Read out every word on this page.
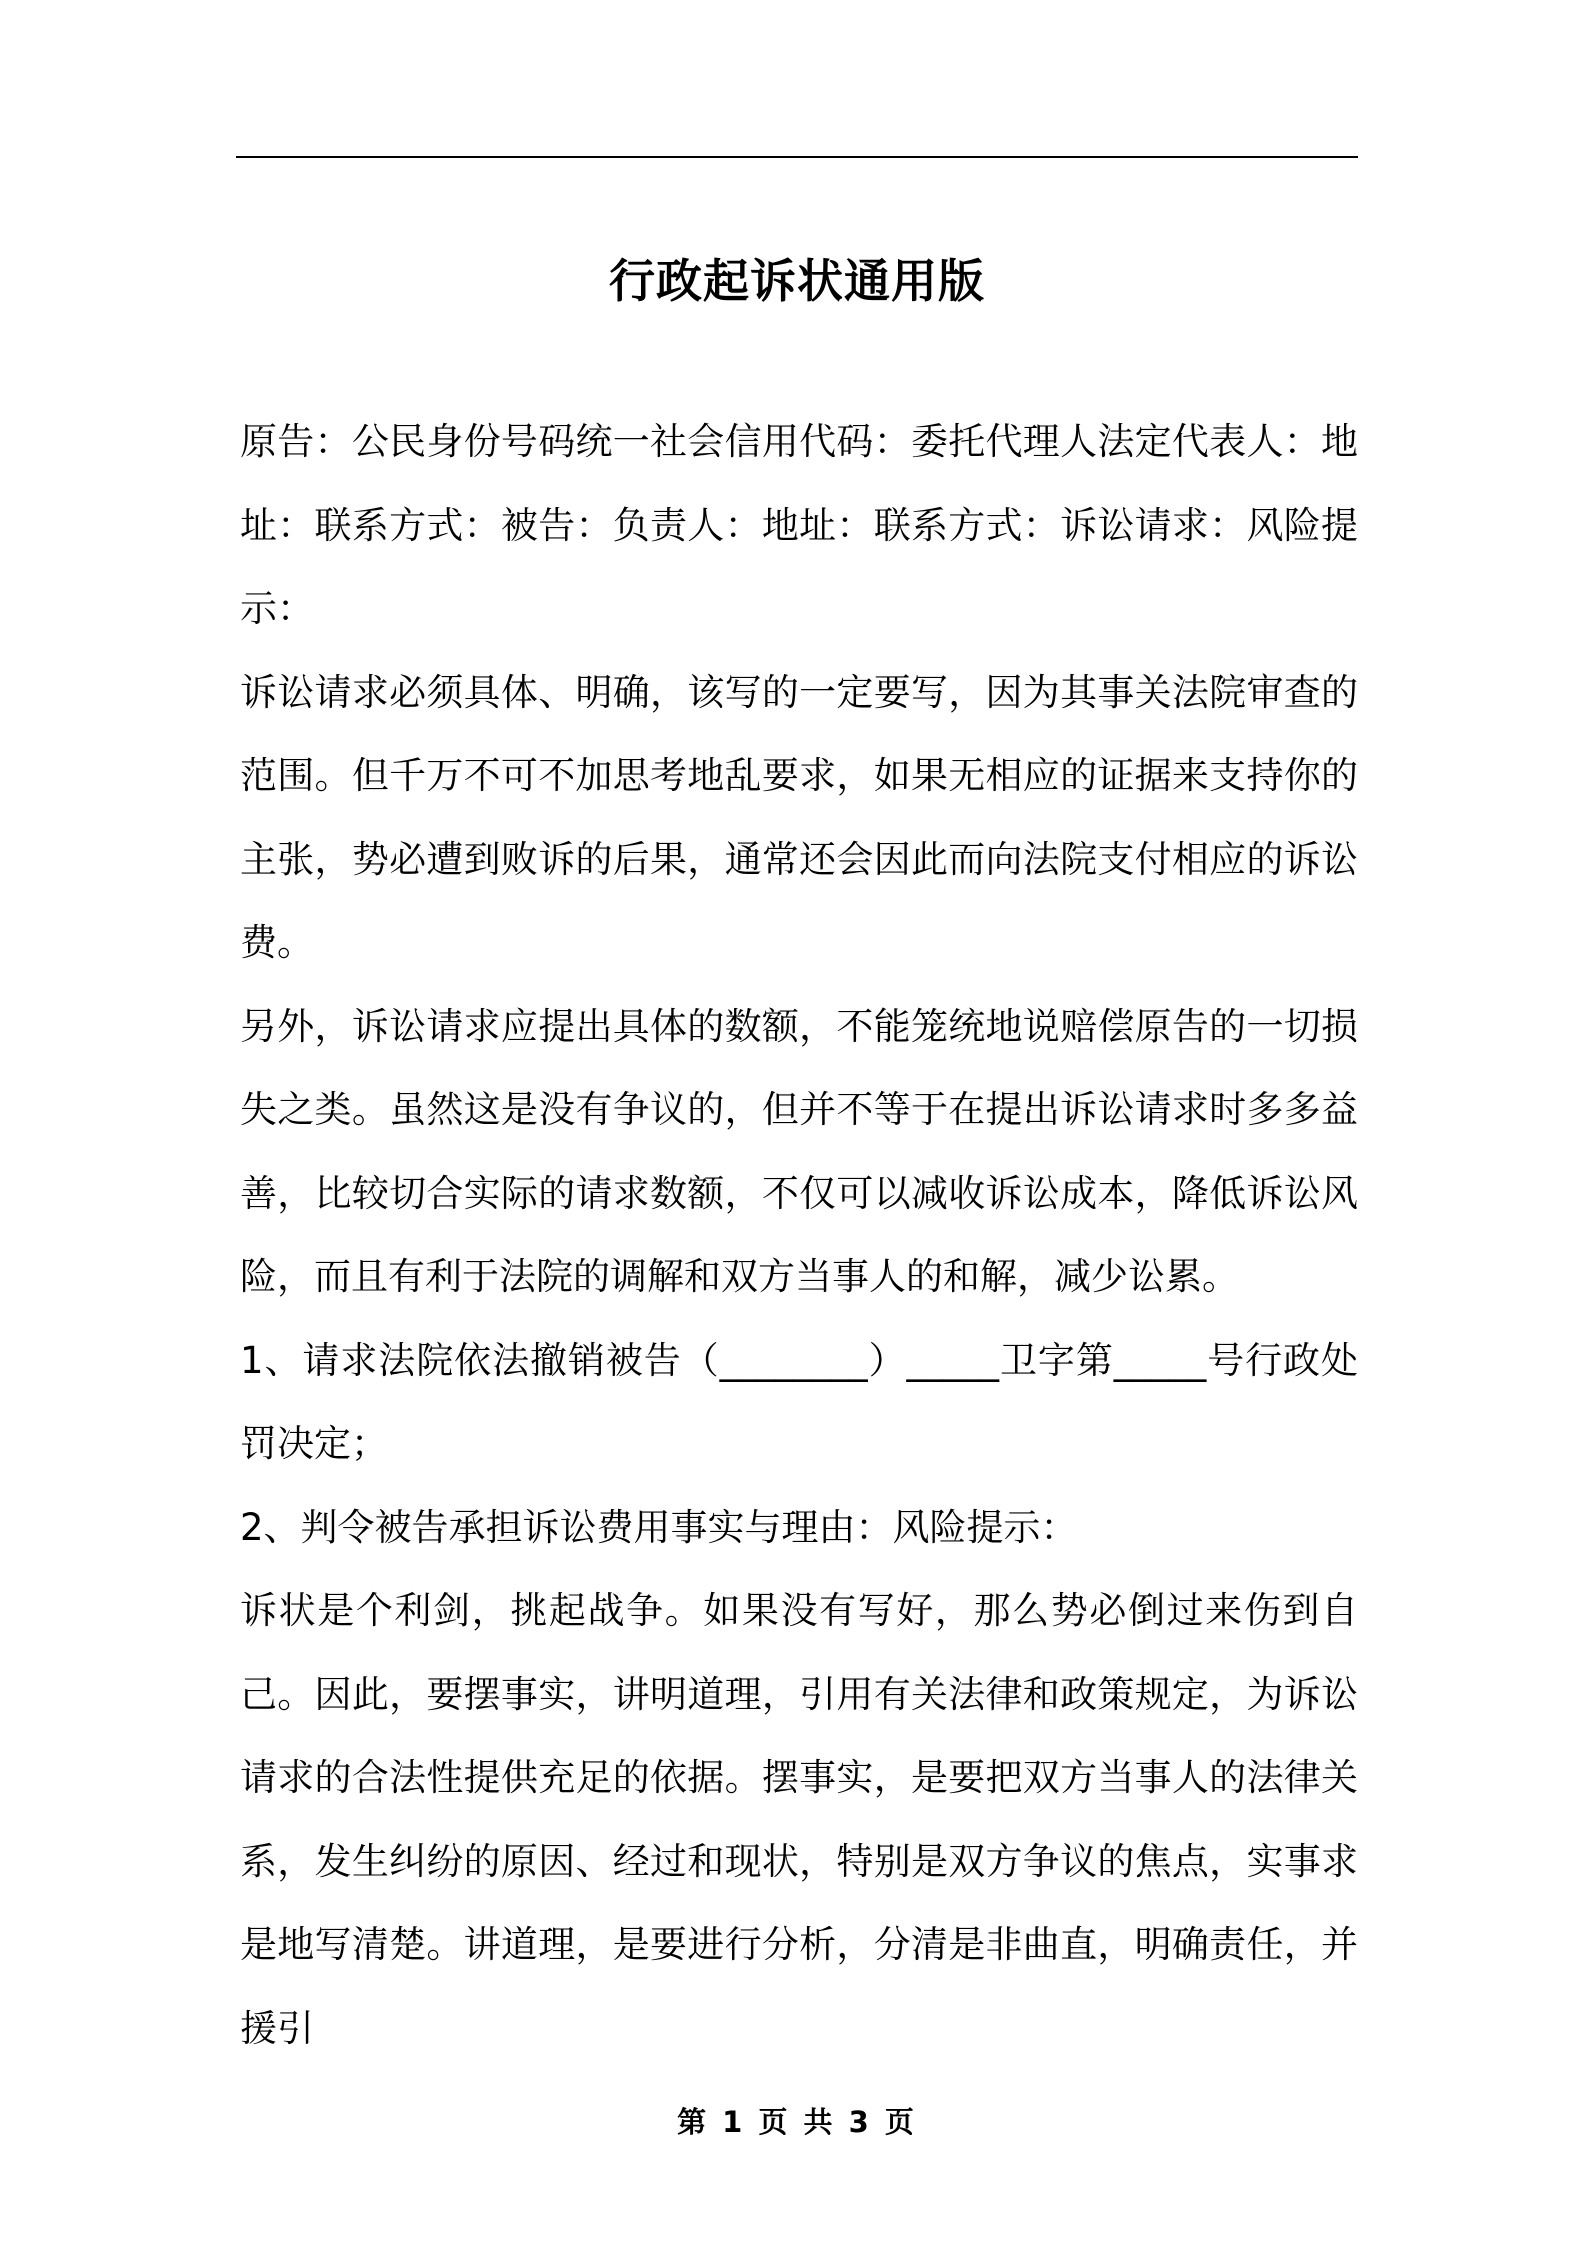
行政起诉状通用版

原告：公民身份号码统一社会信用代码：委托代理人法定代表人：地址：联系方式：被告：负责人：地址：联系方式：诉讼请求：风险提示：

诉讼请求必须具体、明确，该写的一定要写，因为其事关法院审查的范围。但千万不可不加思考地乱要求，如果无相应的证据来支持你的主张，势必遭到败诉的后果，通常还会因此而向法院支付相应的诉讼费。

另外，诉讼请求应提出具体的数额，不能笼统地说赔偿原告的一切损失之类。虽然这是没有争议的，但并不等于在提出诉讼请求时多多益善，比较切合实际的请求数额，不仅可以减收诉讼成本，降低诉讼风险，而且有利于法院的调解和双方当事人的和解，减少讼累。

1、请求法院依法撤销被告（________）_____卫字第_____号行政处罚决定；

2、判令被告承担诉讼费用事实与理由：风险提示：

诉状是个利剑，挑起战争。如果没有写好，那么势必倒过来伤到自己。因此，要摆事实，讲明道理，引用有关法律和政策规定，为诉讼请求的合法性提供充足的依据。摆事实，是要把双方当事人的法律关系，发生纠纷的原因、经过和现状，特别是双方争议的焦点，实事求是地写清楚。讲道理，是要进行分析，分清是非曲直，明确责任，并援引

第 1 页 共 3 页
